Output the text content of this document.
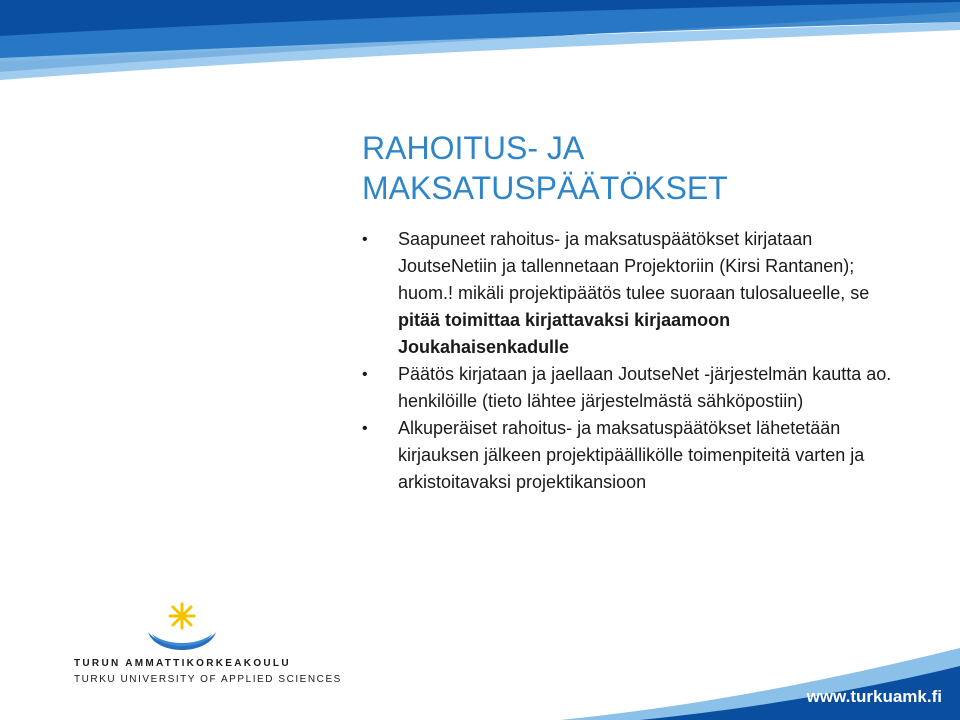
RAHOITUS- JA
MAKSATUSPÄÄTÖKSET
• Saapuneet rahoitus- ja maksatuspäätökset kirjataan JoutseNetiin ja tallennetaan Projektoriin (Kirsi Rantanen); huom.! mikäli projektipäätös tulee suoraan tulosalueelle, se pitää toimittaa kirjattavaksi kirjaamoon Joukahaisenkadulle
• Päätös kirjataan ja jaellaan JoutseNet -järjestelmän kautta ao. henkilöille (tieto lähtee järjestelmästä sähköpostiin)
• Alkuperäiset rahoitus- ja maksatuspäätökset lähetetään kirjauksen jälkeen projektipäällikölle toimenpiteitä varten ja arkistoitavaksi projektikansioon
TURUN AMMATTIKORKEAKOULU
TURKU UNIVERSITY OF APPLIED SCIENCES
www.turkuamk.fi
